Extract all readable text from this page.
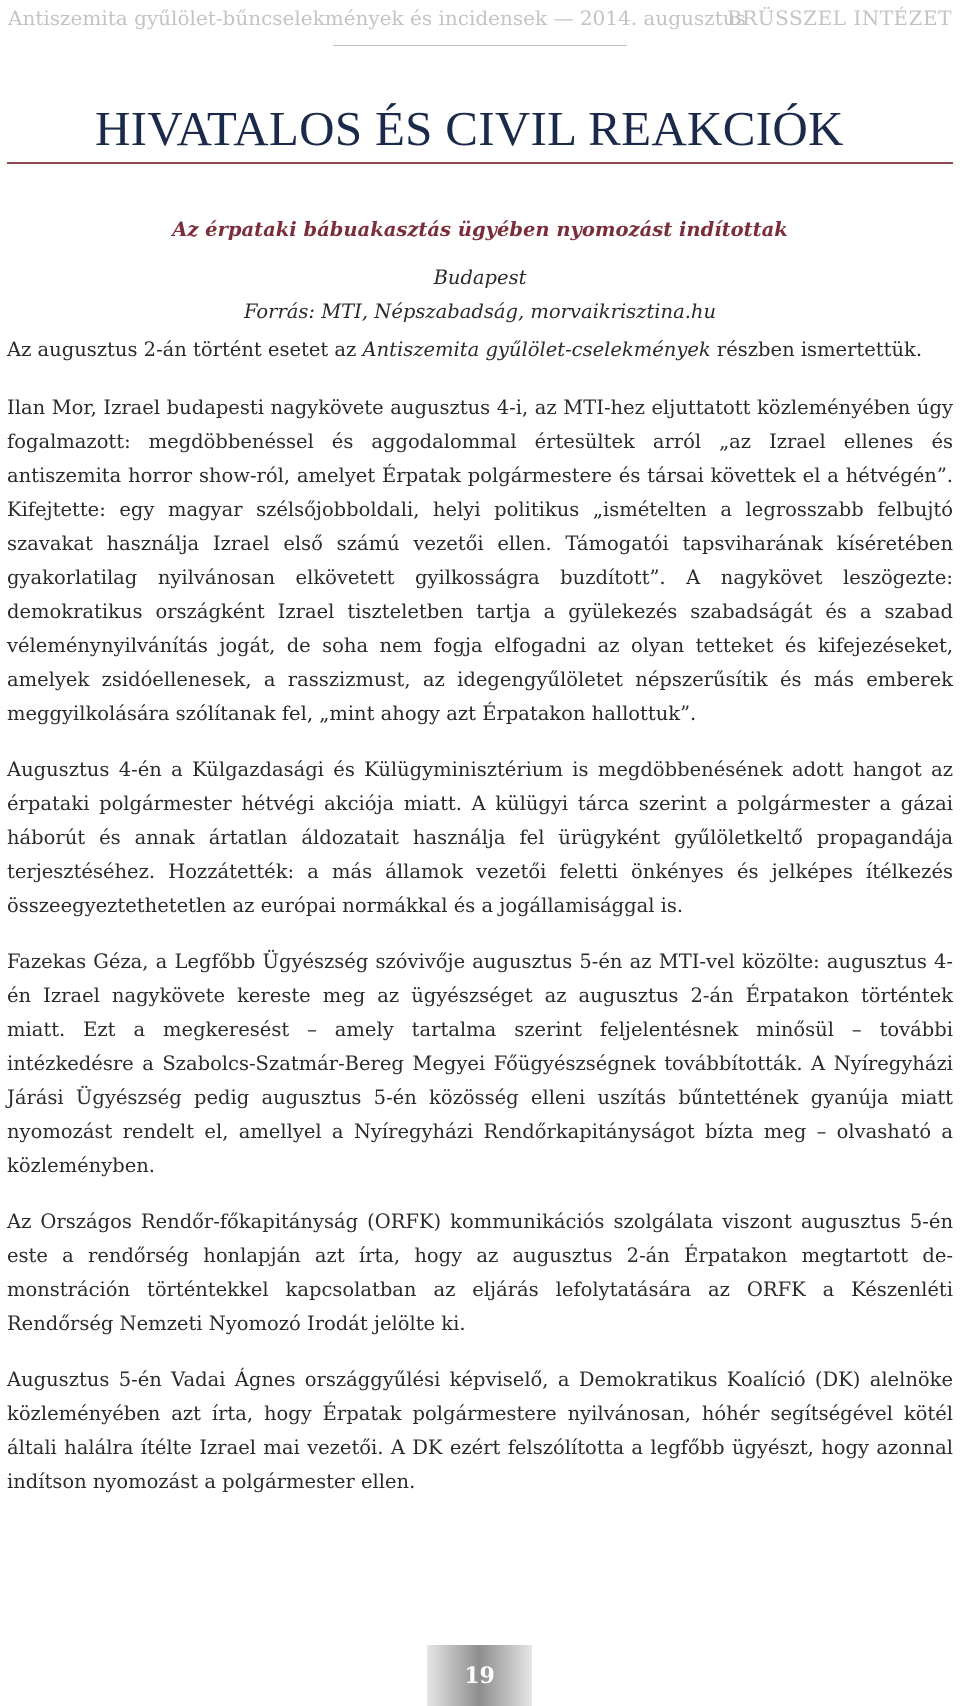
Antiszemita gyűlölet-bűncselekmények és incidensek — 2014. augusztus
BRÜSSZEL INTÉZET
HIVATALOS ÉS CIVIL REAKCIÓK
Az érpataki bábuakasztás ügyében nyomozást indítottak
Budapest
Forrás: MTI, Népszabadság, morvaikrisztina.hu

Az augusztus 2-án történt esetet az Antiszemita gyűlölet-cselekmények részben ismertettük.

Ilan Mor, Izrael budapesti nagykövete augusztus 4-i, az MTI-hez eljuttatott közleményében úgy fogalmazott: megdöbbenéssel és aggodalommal értesültek arról „az Izrael ellenes és antiszemita horror show-ról, amelyet Érpatak polgármestere és társai követtek el a hétvégén”. Kifejtette: egy magyar szélsőjobboldali, helyi politikus „ismételten a legrosszabb felbujtó szavakat használja Izrael első számú vezetői ellen. Támogatói tapsviharának kíséretében gyakorlatilag nyilvánosan elkövetett gyilkosságra buzdított”. A nagykövet leszögezte: demokratikus országként Izrael tiszteletben tartja a gyülekezés szabadságát és a szabad véleménynyilvánítás jogát, de soha nem fogja elfogadni az olyan tetteket és kifejezéseket, amelyek zsidóellenesek, a rasszizmust, az idegengyűlöletet népszerűsítik és más emberek meggyilkolására szólítanak fel, „mint ahogy azt Érpatakon hallottuk”.

Augusztus 4-én a Külgazdasági és Külügyminisztérium is megdöbbenésének adott hangot az érpataki polgármester hétvégi akciója miatt. A külügyi tárca szerint a polgármester a gázai háborút és annak ártatlan áldozatait használja fel ürügyként gyűlöletkeltő propagandája terjesztéséhez. Hozzátették: a más államok vezetői feletti önkényes és jelképes ítélkezés összeegyeztethetetlen az európai normákkal és a jogállamisággal is.

Fazekas Géza, a Legfőbb Ügyészség szóvivője augusztus 5-én az MTI-vel közölte: augusztus 4-én Izrael nagykövete kereste meg az ügyészséget az augusztus 2-án Érpatakon történtek miatt. Ezt a megkeresést – amely tartalma szerint feljelentésnek minősül – további intézkedésre a Szabolcs-Szatmár-Bereg Megyei Főügyészségnek továbbították. A Nyíregyházi Járási Ügyészség pedig augusztus 5-én közösség elleni uszítás bűntettének gyanúja miatt nyomozást rendelt el, amellyel a Nyíregyházi Rendőrkapitányságot bízta meg – olvasható a közleményben.

Az Országos Rendőr-főkapitányság (ORFK) kommunikációs szolgálata viszont augusztus 5-én este a rendőrség honlapján azt írta, hogy az augusztus 2-án Érpatakon megtartott demonstráción történtekkel kapcsolatban az eljárás lefolytatására az ORFK a Készenléti Rendőrség Nemzeti Nyomozó Irodát jelölte ki.

Augusztus 5-én Vadai Ágnes országgyűlési képviselő, a Demokratikus Koalíció (DK) alelnöke közleményében azt írta, hogy Érpatak polgármestere nyilvánosan, hóhér segítségével kötél általi halálra ítélte Izrael mai vezetői. A DK ezért felszólította a legfőbb ügyészt, hogy azonnal indítson nyomozást a polgármester ellen.

19
